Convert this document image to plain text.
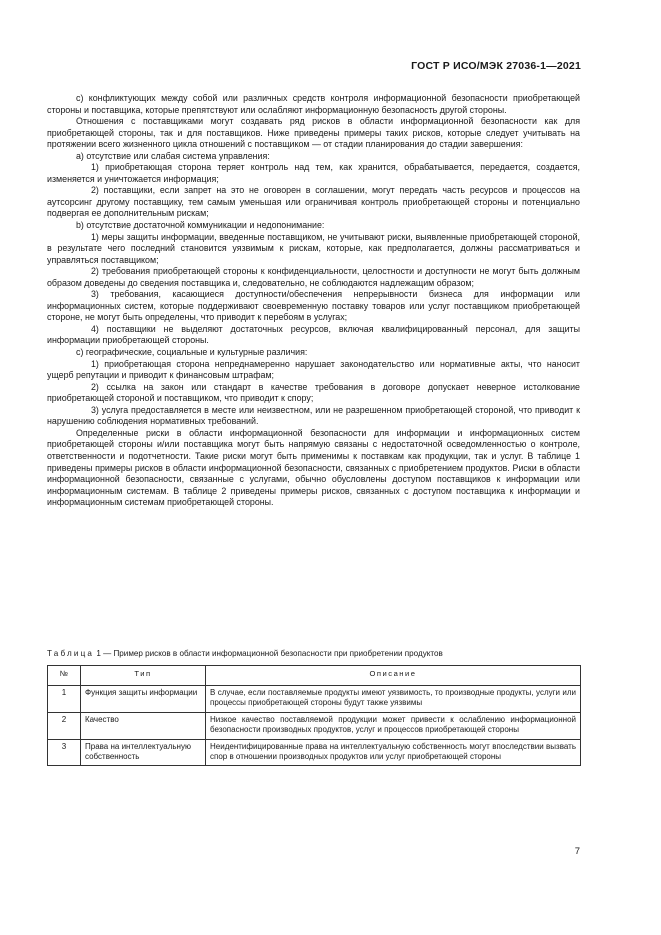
ГОСТ Р ИСО/МЭК 27036-1—2021

c) конфликтующих между собой или различных средств контроля информационной безопасности приобретающей стороны и поставщика, которые препятствуют или ослабляют информационную безопасность другой стороны.

Отношения с поставщиками могут создавать ряд рисков в области информационной безопасности как для приобретающей стороны, так и для поставщиков. Ниже приведены примеры таких рисков, которые следует учитывать на протяжении всего жизненного цикла отношений с поставщиком — от стадии планирования до стадии завершения:

a) отсутствие или слабая система управления:

1) приобретающая сторона теряет контроль над тем, как хранится, обрабатывается, передается, создается, изменяется и уничтожается информация;

2) поставщики, если запрет на это не оговорен в соглашении, могут передать часть ресурсов и процессов на аутсорсинг другому поставщику, тем самым уменьшая или ограничивая контроль приобретающей стороны и потенциально подвергая ее дополнительным рискам;

b) отсутствие достаточной коммуникации и недопонимание:

1) меры защиты информации, введенные поставщиком, не учитывают риски, выявленные приобретающей стороной, в результате чего последний становится уязвимым к рискам, которые, как предполагается, должны рассматриваться и управляться поставщиком;

2) требования приобретающей стороны к конфиденциальности, целостности и доступности не могут быть должным образом доведены до сведения поставщика и, следовательно, не соблюдаются надлежащим образом;

3) требования, касающиеся доступности/обеспечения непрерывности бизнеса для информации или информационных систем, которые поддерживают своевременную поставку товаров или услуг поставщиком приобретающей стороне, не могут быть определены, что приводит к перебоям в услугах;

4) поставщики не выделяют достаточных ресурсов, включая квалифицированный персонал, для защиты информации приобретающей стороны.

c) географические, социальные и культурные различия:

1) приобретающая сторона непреднамеренно нарушает законодательство или нормативные акты, что наносит ущерб репутации и приводит к финансовым штрафам;

2) ссылка на закон или стандарт в качестве требования в договоре допускает неверное истолкование приобретающей стороной и поставщиком, что приводит к спору;

3) услуга предоставляется в месте или неизвестном, или не разрешенном приобретающей стороной, что приводит к нарушению соблюдения нормативных требований.

Определенные риски в области информационной безопасности для информации и информационных систем приобретающей стороны и/или поставщика могут быть напрямую связаны с недостаточной осведомленностью о контроле, ответственности и подотчетности. Такие риски могут быть применимы к поставкам как продукции, так и услуг. В таблице 1 приведены примеры рисков в области информационной безопасности, связанных с приобретением продуктов. Риски в области информационной безопасности, связанные с услугами, обычно обусловлены доступом поставщиков к информации или информационным системам. В таблице 2 приведены примеры рисков, связанных с доступом поставщика к информации и информационным системам приобретающей стороны.

Таблица 1 — Пример рисков в области информационной безопасности при приобретении продуктов
№	Тип	Описание
1	Функция защиты информации	В случае, если поставляемые продукты имеют уязвимость, то производные продукты, услуги или процессы приобретающей стороны будут также уязвимы
2	Качество	Низкое качество поставляемой продукции может привести к ослаблению информационной безопасности производных продуктов, услуг и процессов приобретающей стороны
3	Права на интеллектуальную собственность	Неидентифицированные права на интеллектуальную собственность могут впоследствии вызвать спор в отношении производных продуктов или услуг приобретающей стороны
7
